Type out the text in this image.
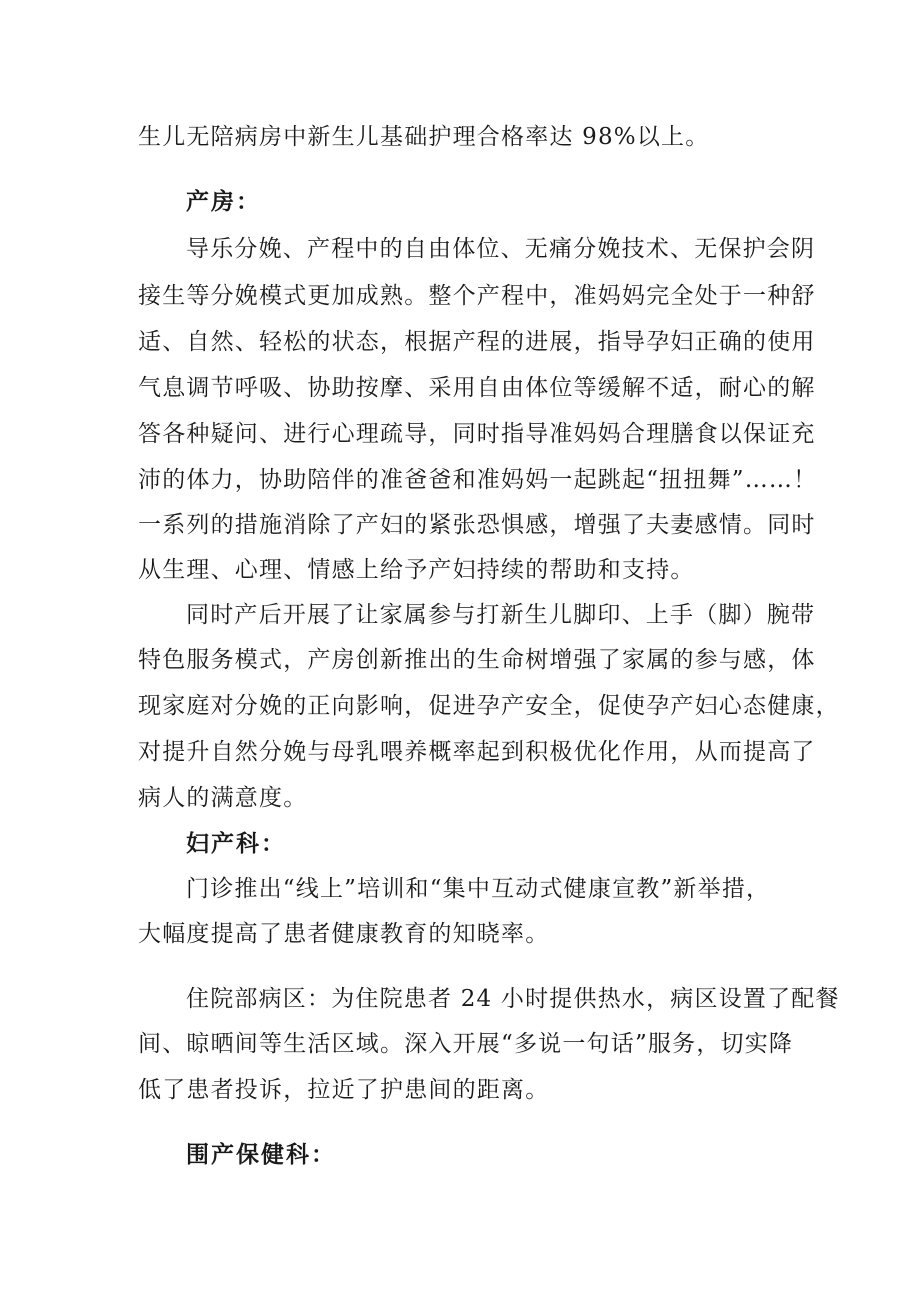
生儿无陪病房中新生儿基础护理合格率达 98%以上。
产房：
导乐分娩、产程中的自由体位、无痛分娩技术、无保护会阴
接生等分娩模式更加成熟。整个产程中，准妈妈完全处于一种舒
适、自然、轻松的状态，根据产程的进展，指导孕妇正确的使用
气息调节呼吸、协助按摩、采用自由体位等缓解不适，耐心的解
答各种疑问、进行心理疏导，同时指导准妈妈合理膳食以保证充
沛的体力，协助陪伴的准爸爸和准妈妈一起跳起“扭扭舞”……！
一系列的措施消除了产妇的紧张恐惧感，增强了夫妻感情。同时
从生理、心理、情感上给予产妇持续的帮助和支持。
同时产后开展了让家属参与打新生儿脚印、上手（脚）腕带
特色服务模式，产房创新推出的生命树增强了家属的参与感，体
现家庭对分娩的正向影响，促进孕产安全，促使孕产妇心态健康，
对提升自然分娩与母乳喂养概率起到积极优化作用，从而提高了
病人的满意度。
妇产科：
门诊推出“线上”培训和“集中互动式健康宣教”新举措，
大幅度提高了患者健康教育的知晓率。
住院部病区：为住院患者 24 小时提供热水，病区设置了配餐
间、晾晒间等生活区域。深入开展“多说一句话”服务，切实降
低了患者投诉，拉近了护患间的距离。
围产保健科：
